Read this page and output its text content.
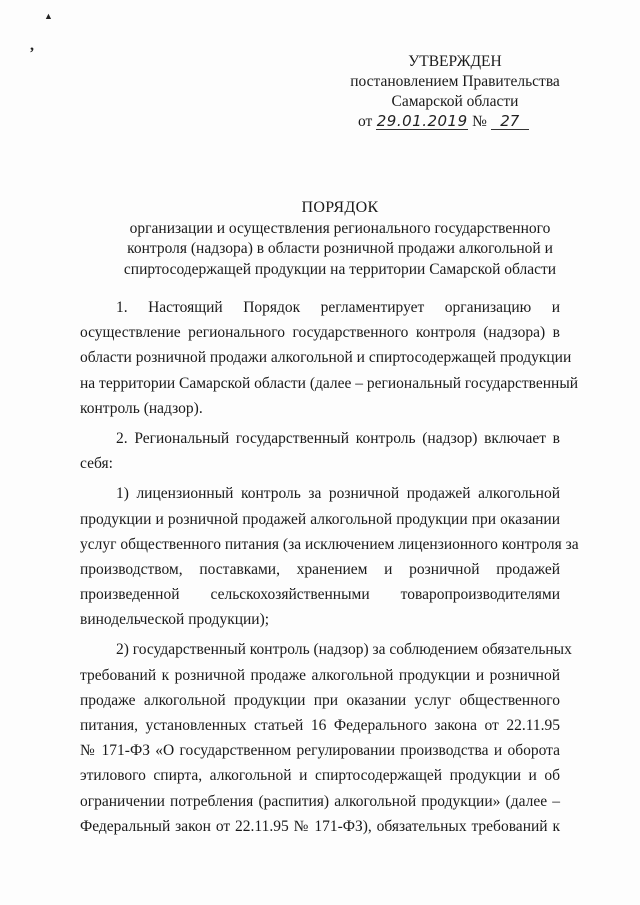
▲
,
УТВЕРЖДЕН
постановлением Правительства
Самарской области
от 29.01.2019 № 27
ПОРЯДОК
организации и осуществления регионального государственного
контроля (надзора) в области розничной продажи алкогольной и
спиртосодержащей продукции на территории Самарской области
1. Настоящий Порядок регламентирует организацию и
осуществление регионального государственного контроля (надзора) в
области розничной продажи алкогольной и спиртосодержащей продукции
на территории Самарской области (далее – региональный государственный
контроль (надзор).
2. Региональный государственный контроль (надзор) включает в
себя:
1) лицензионный контроль за розничной продажей алкогольной
продукции и розничной продажей алкогольной продукции при оказании
услуг общественного питания (за исключением лицензионного контроля за
производством, поставками, хранением и розничной продажей
произведенной сельскохозяйственными товаропроизводителями
винодельческой продукции);
2) государственный контроль (надзор) за соблюдением обязательных
требований к розничной продаже алкогольной продукции и розничной
продаже алкогольной продукции при оказании услуг общественного
питания, установленных статьей 16 Федерального закона от 22.11.95
№ 171-ФЗ «О государственном регулировании производства и оборота
этилового спирта, алкогольной и спиртосодержащей продукции и об
ограничении потребления (распития) алкогольной продукции» (далее –
Федеральный закон от 22.11.95 № 171-ФЗ), обязательных требований к
